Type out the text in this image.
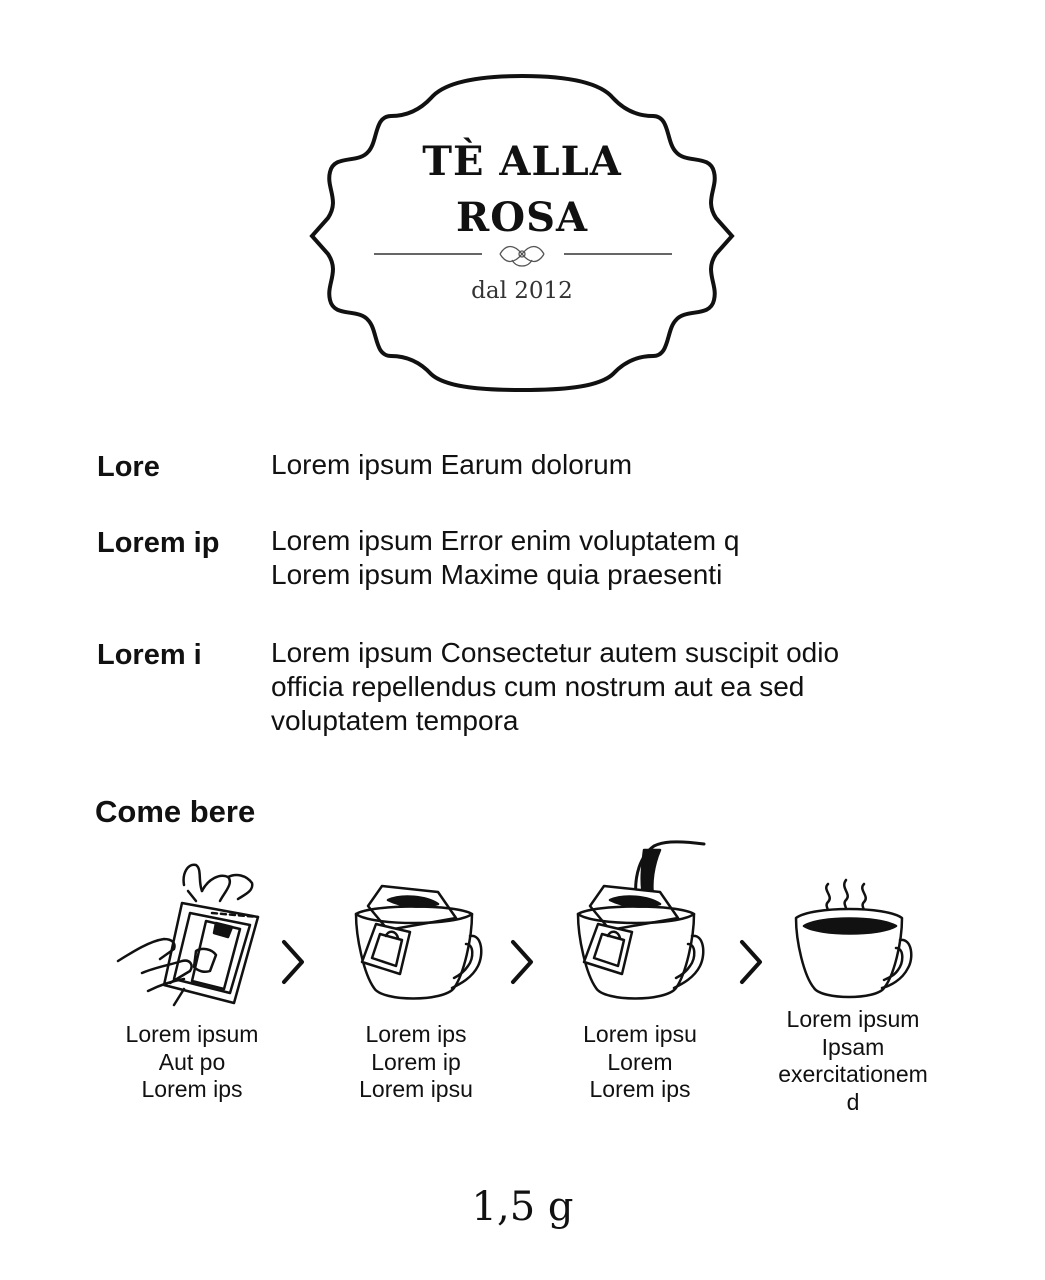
TÈ ALLA
ROSA
dal 2012
Lore	Lorem ipsum Earum dolorum
Lorem ip	Lorem ipsum Error enim voluptatem q
Lorem ipsum Maxime quia praesenti
Lorem i	Lorem ipsum Consectetur autem suscipit odio
officia repellendus cum nostrum aut ea sed
voluptatem tempora
Come bere
Lorem ipsum
Aut po
Lorem ips
Lorem ips
Lorem ip
Lorem ipsu
Lorem ipsu
Lorem
Lorem ips
Lorem ipsum
Ipsam
exercitationem
d
1,5 g
